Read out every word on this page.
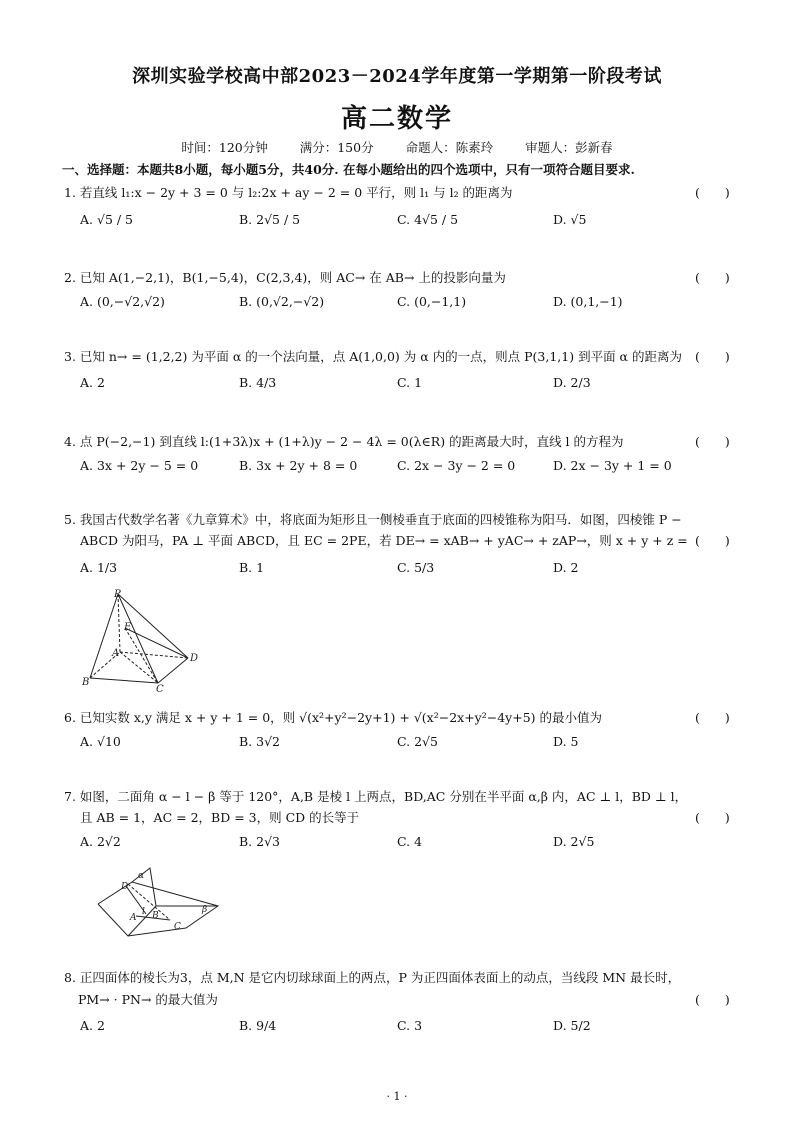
深圳实验学校高中部2023－2024学年度第一学期第一阶段考试
高二数学
时间：120分钟	满分：150分	命题人：陈素玲	审题人：彭新春
一、选择题：本题共8小题，每小题5分，共40分. 在每小题给出的四个选项中，只有一项符合题目要求.
1. 若直线 l₁:x − 2y + 3 = 0 与 l₂:2x + ay − 2 = 0 平行，则 l₁ 与 l₂ 的距离为	(　　)
A. √5 / 5	B. 2√5 / 5	C. 4√5 / 5	D. √5
2. 已知 A(1,−2,1)，B(1,−5,4)，C(2,3,4)，则 AC→ 在 AB→ 上的投影向量为	(　　)
A. (0,−√2,√2)	B. (0,√2,−√2)	C. (0,−1,1)	D. (0,1,−1)
3. 已知 n→ = (1,2,2) 为平面 α 的一个法向量，点 A(1,0,0) 为 α 内的一点，则点 P(3,1,1) 到平面 α 的距离为 (　　)
A. 2	B. 4/3	C. 1	D. 2/3
4. 点 P(−2,−1) 到直线 l:(1+3λ)x + (1+λ)y − 2 − 4λ = 0(λ∈R) 的距离最大时，直线 l 的方程为	(　　)
A. 3x + 2y − 5 = 0	B. 3x + 2y + 8 = 0	C. 2x − 3y − 2 = 0	D. 2x − 3y + 1 = 0
5. 我国古代数学名著《九章算术》中，将底面为矩形且一侧棱垂直于底面的四棱锥称为阳马．如图，四棱锥 P −
ABCD 为阳马，PA ⊥ 平面 ABCD，且 EC = 2PE，若 DE→ = xAB→ + yAC→ + zAP→，则 x + y + z = (　　)
A. 1/3	B. 1	C. 5/3	D. 2
P
E
A
B
C
D
6. 已知实数 x,y 满足 x + y + 1 = 0，则 √(x²+y²−2y+1) + √(x²−2x+y²−4y+5) 的最小值为	(　　)
A. √10	B. 3√2	C. 2√5	D. 5
7. 如图，二面角 α − l − β 等于 120°，A,B 是棱 l 上两点，BD,AC 分别在半平面 α,β 内，AC ⊥ l，BD ⊥ l，
且 AB = 1，AC = 2，BD = 3，则 CD 的长等于	(　　)
A. 2√2	B. 2√3	C. 4	D. 2√5
α
D
l B
A
C
β
8. 正四面体的棱长为3，点 M,N 是它内切球球面上的两点，P 为正四面体表面上的动点，当线段 MN 最长时，
PM→ · PN→ 的最大值为	(　　)
A. 2	B. 9/4	C. 3	D. 5/2
· 1 ·
